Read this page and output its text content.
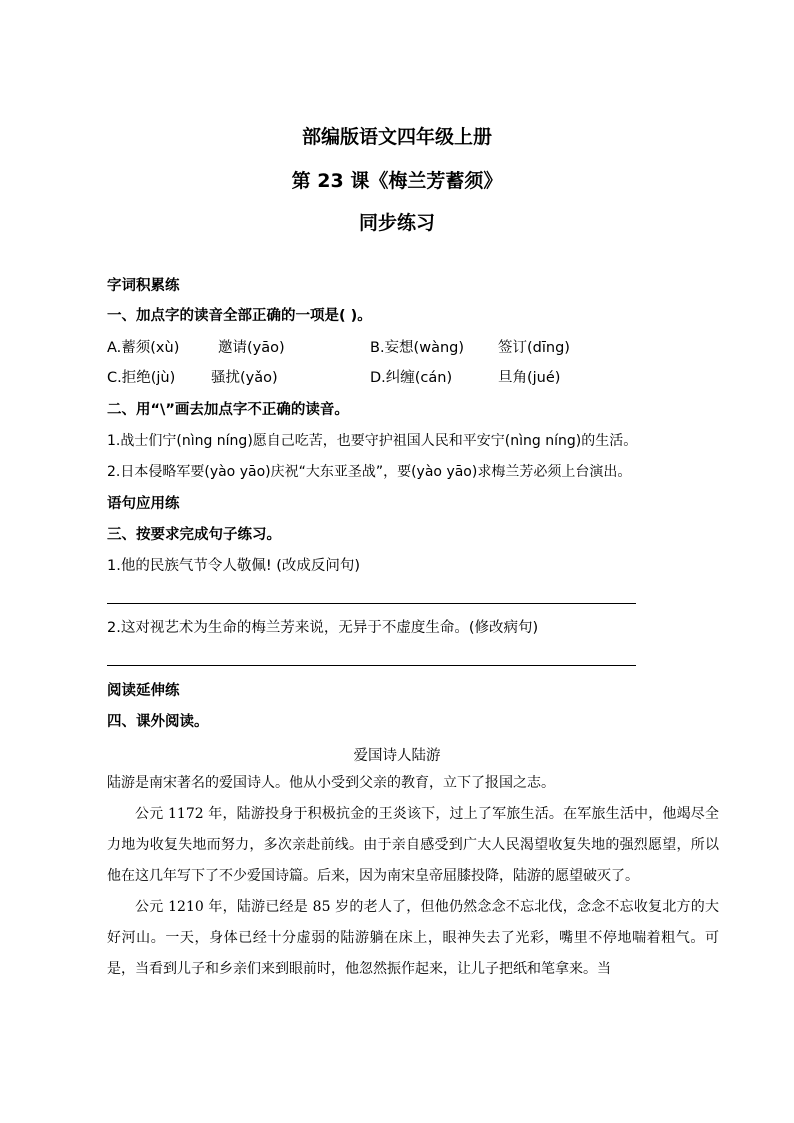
部编版语文四年级上册
第 23 课《梅兰芳蓄须》
同步练习
字词积累练
一、加点字的读音全部正确的一项是( )。
A.蓄须(xù)	邀请(yāo)	B.妄想(wàng) 签订(dīng)
C.拒绝(jù) 骚扰(yǎo)	D.纠缠(cán)	旦角(jué)
二、用“\”画去加点字不正确的读音。
1.战士们宁(nìng níng)愿自己吃苦，也要守护祖国人民和平安宁(nìng níng)的生活。
2.日本侵略军要(yào yāo)庆祝“大东亚圣战”，要(yào yāo)求梅兰芳必须上台演出。
语句应用练
三、按要求完成句子练习。
1.他的民族气节令人敬佩! (改成反问句)
2.这对视艺术为生命的梅兰芳来说，无异于不虚度生命。(修改病句)
阅读延伸练
四、课外阅读。
爱国诗人陆游

陆游是南宋著名的爱国诗人。他从小受到父亲的教育，立下了报国之志。

公元 1172 年，陆游投身于积极抗金的王炎该下，过上了军旅生活。在军旅生活中，他竭尽全力地为收复失地而努力，多次亲赴前线。由于亲自感受到广大人民渴望收复失地的强烈愿望，所以他在这几年写下了不少爱国诗篇。后来，因为南宋皇帝屈膝投降，陆游的愿望破灭了。

公元 1210 年，陆游已经是 85 岁的老人了，但他仍然念念不忘北伐，念念不忘收复北方的大好河山。一天，身体已经十分虚弱的陆游躺在床上，眼神失去了光彩，嘴里不停地喘着粗气。可是，当看到儿子和乡亲们来到眼前时，他忽然振作起来，让儿子把纸和笔拿来。当
